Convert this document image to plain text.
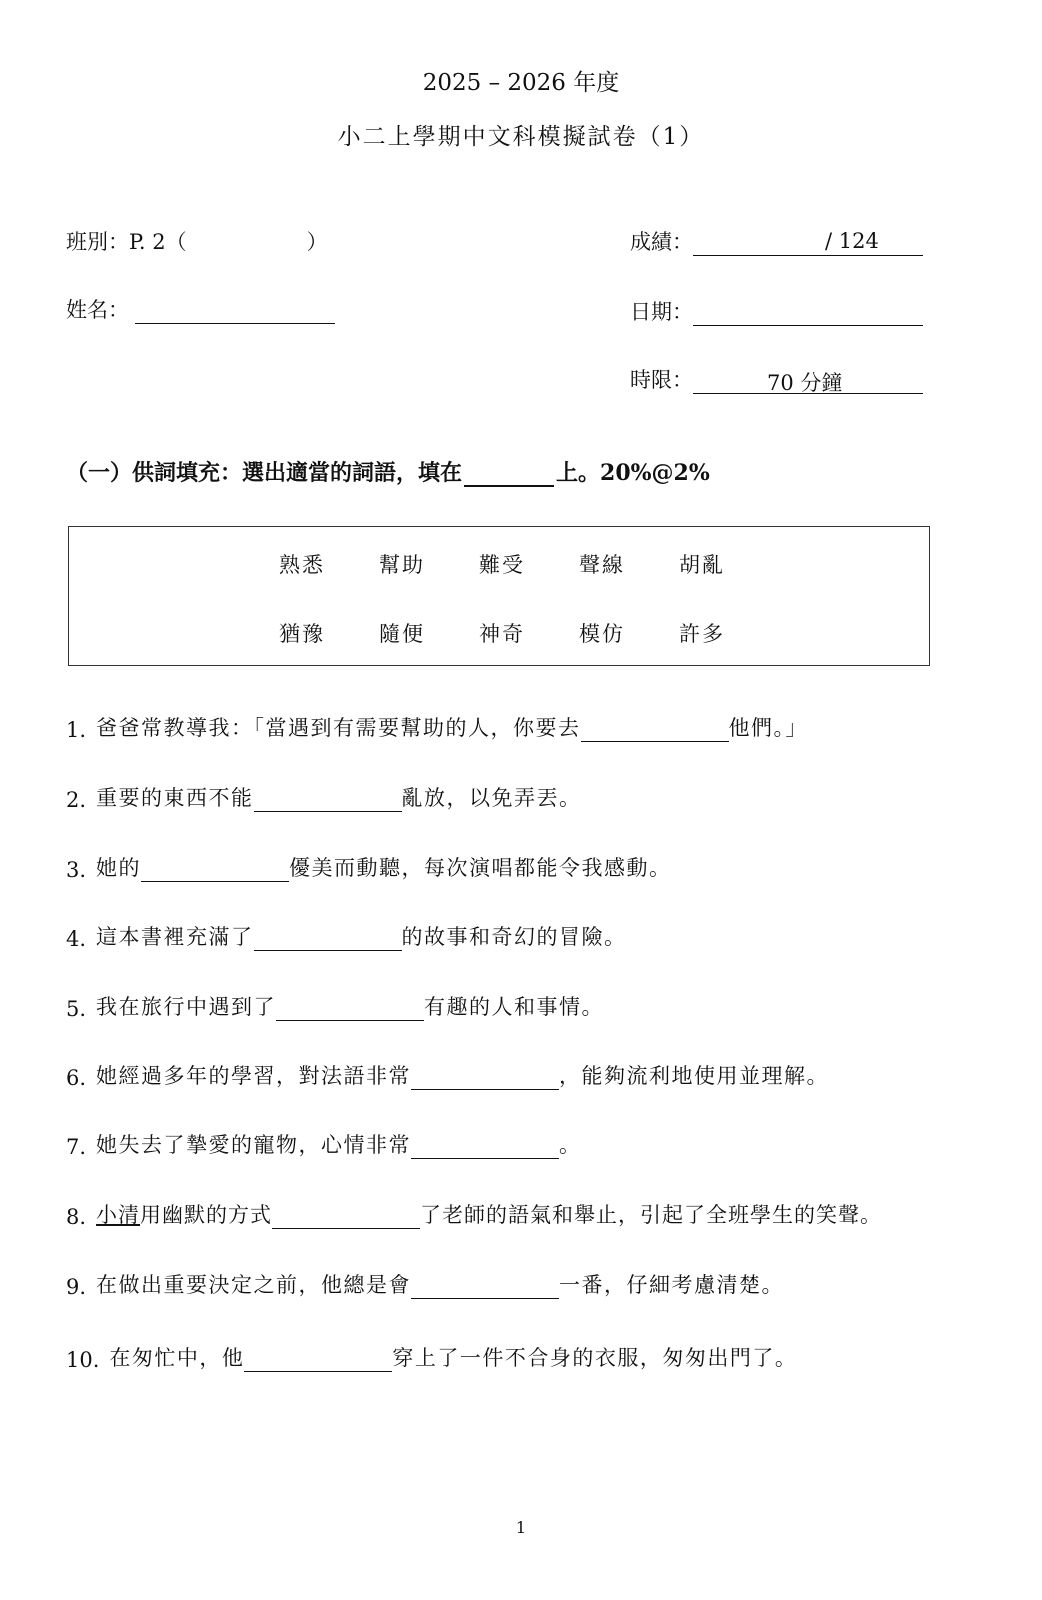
2025 – 2026 年度
小二上學期中文科模擬試卷（1）
班別：P. 2（	）	成績：	/ 124
姓名：	日期：
時限：	70 分鐘
（一）供詞填充：選出適當的詞語，填在	上。20%@2%
熟悉	幫助	難受	聲線	胡亂
猶豫	隨便	神奇	模仿	許多
1. 爸爸常教導我：「當遇到有需要幫助的人，你要去	他們。」
2. 重要的東西不能	亂放，以免弄丟。
3. 她的	優美而動聽，每次演唱都能令我感動。
4. 這本書裡充滿了	的故事和奇幻的冒險。
5. 我在旅行中遇到了	有趣的人和事情。
6. 她經過多年的學習，對法語非常	，能夠流利地使用並理解。
7. 她失去了摯愛的寵物，心情非常	。
8. 小清 用幽默的方式	了老師的語氣和舉止，引起了全班學生的笑聲。
9. 在做出重要決定之前，他總是會	一番，仔細考慮清楚。
10. 在匆忙中，他	穿上了一件不合身的衣服，匆匆出門了。
1
